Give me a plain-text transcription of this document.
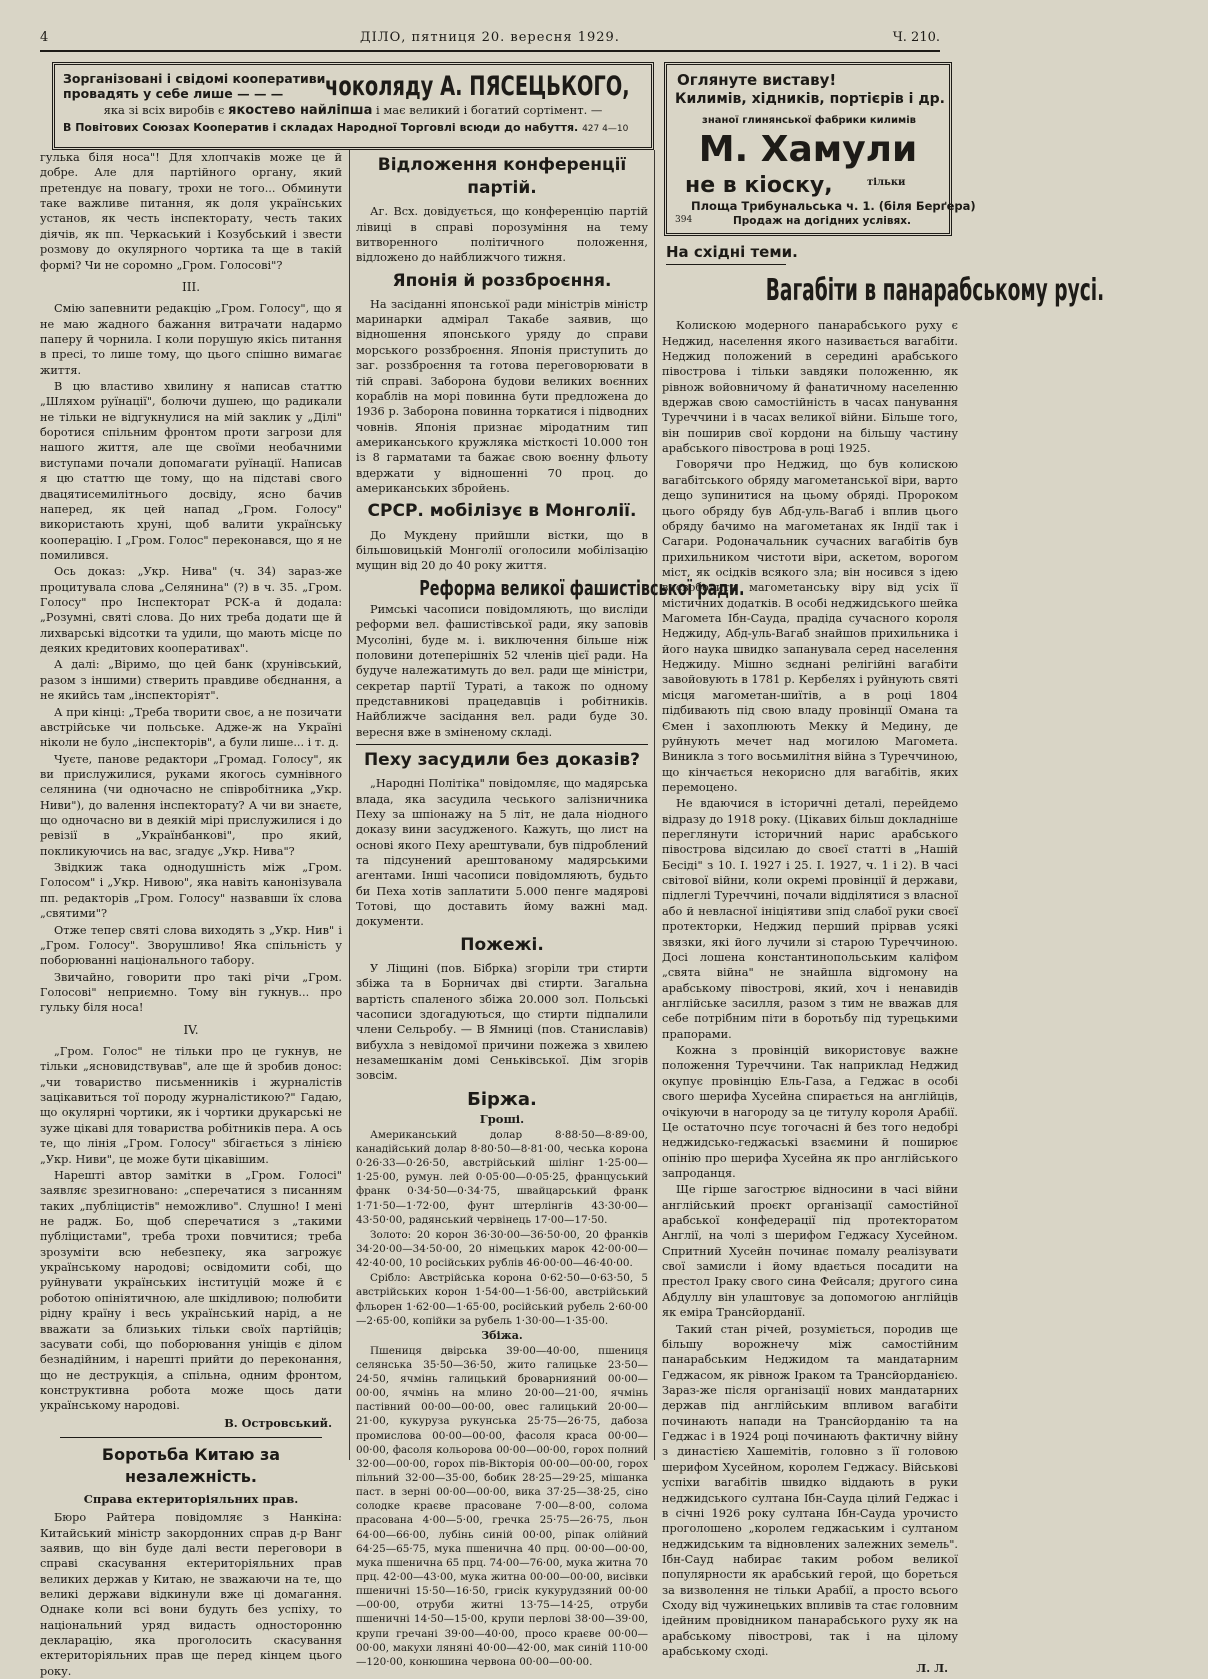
4	ДІЛО, пятниця 20. вересня 1929.	Ч. 210.
Зорганізовані і свідомі кооперативи
провадять у себе лише — — —	чоколяду А. ПЯСЕЦЬКОГО,
яка зі всіх виробів є якостево найліпша і має великий і богатий сортімент. —
В Повітових Союзах Кооператив і складах Народної Торговлі всюди до набуття. 427 4—10
Оглянуте виставу!
Килимів, хідників, портієрів і др.
знаної глинянської фабрики килимів
М. Хамули
не в кіоску,	тільки
Площа Трибунальська ч. 1. (біля Берґера)
394	Продаж на догідних услівях.

гулька біля носа"! Для хлопчаків може це й добре. Але для партійного органу, який претендує на повагу, трохи не того... Обминути таке важливе питання, як доля українських установ, як честь інспекторату, честь таких діячів, як пп. Черкаський і Козубський і звести розмову до окулярного чортика та ще в такій формі? Чи не соромно „Гром. Голосові"?

III.

Смію запевнити редакцію „Гром. Голосу", що я не маю жадного бажання витрачати надармо паперу й чорнила. І коли порушую якісь питання в пресі, то лише тому, що цього спішно вимагає життя.

В цю властиво хвилину я написав статтю „Шляхом руїнації", болючи душею, що радикали не тільки не відгукнулися на мій заклик у „Ділі" боротися спільним фронтом проти загрози для нашого життя, але ще своїми необачними виступами почали допомагати руїнації. Написав я цю статтю ще тому, що на підставі свого двацятисемилітнього досвіду, ясно бачив наперед, як цей напад „Гром. Голосу" використають хруні, щоб валити українську кооперацію. І „Гром. Голос" переконався, що я не помилився.

Ось доказ: „Укр. Нива" (ч. 34) зараз-же процитувала слова „Селянина" (?) в ч. 35. „Гром. Голосу" про Інспекторат РСК-а й додала: „Розумні, святі слова. До них треба додати ще й лихварські відсотки та удили, що мають місце по деяких кредитових кооперативах".

А далі: „Віримо, що цей банк (хрунівський, разом з іншими) стверить правдиве обєднання, а не якийсь там „інспекторіят".

А при кінці: „Треба творити своє, а не позичати австрійське чи польське. Адже-ж на Україні ніколи не було „інспекторів", а були лише... і т. д.

Чуєте, панове редактори „Громад. Голосу", як ви прислужилися, руками якогось сумнівного селянина (чи одночасно не співробітника „Укр. Ниви"), до валення інспекторату? А чи ви знаєте, що одночасно ви в деякій мірі прислужилися і до ревізії в „Українбанкові", про який, покликуючись на вас, згадує „Укр. Нива"?

Звідкиж така однодушність між „Гром. Голосом" і „Укр. Нивою", яка навіть канонізувала пп. редакторів „Гром. Голосу" назвавши їх слова „святими"?

Отже тепер святі слова виходять з „Укр. Нив" і „Гром. Голосу". Зворушливо! Яка спільність у поборюванні національного табору.

Звичайно, говорити про такі річи „Гром. Голосові" неприємно. Тому він гукнув... про гульку біля носа!

IV.

„Гром. Голос" не тільки про це гукнув, не тільки „ясновидствував", але ще й зробив донос: „чи товариство письменників і журналістів зацікавиться тої породу журналістикою?" Гадаю, що окулярні чортики, як і чортики друкарські не зуже цікаві для товариства робітників пера. А ось те, що лінія „Гром. Голосу" збігається з лінією „Укр. Ниви", це може бути цікавішим.

Нарешті автор замітки в „Гром. Голосі" заявляє зрезигновано: „сперечатися з писанням таких „публіцистів" неможливо". Слушно! І мені не радж. Бо, щоб сперечатися з „такими публіцистами", треба трохи повчитися; треба зрозуміти всю небезпеку, яка загрожує українському народові; освідомити собі, що руйнувати українських інституцій може й є роботою опініятичною, але шкідливою; полюбити рідну країну і весь український нарід, а не вважати за близьких тільки своїх партійців; засувати собі, що поборювання уніщів є ділом безнадійним, і нарешті прийти до переконання, що не деструкція, а спільна, одним фронтом, конструктивна робота може щось дати українському народові.

В. Островський.
Боротьба Китаю за незалежність.
Справа ектериторіяльних прав.

Бюро Райтера повідомляє з Нанкіна: Китайський міністр закордонних справ д-р Ванг заявив, що він буде далі вести переговори в справі скасування ектериторіяльних прав великих держав у Китаю, не зважаючи на те, що великі держави відкинули вже ці домагання. Однаке коли всі вони будуть без успіху, то національний уряд видасть односторонню декларацію, яка проголосить скасування ектериторіяльних прав ще перед кінцем цього року.

Відложення конференції партій.

Аг. Всх. довідується, що конференцію партій лівиці в справі порозуміння на тему витворенного політичного положення, відложено до найближчого тижня.

Японія й роззброєння.

На засіданні японської ради міністрів міністр маринарки адмірал Такабе заявив, що відношення японського уряду до справи морського роззброєння. Японія приступить до заг. роззброєння та готова переговорювати в тій справі. Заборона будови великих воєнних кораблів на морі повинна бути предложена до 1936 р. Заборона повинна торкатися і підводних човнів. Японія признає міродатним тип американського кружляка місткості 10.000 тон із 8 гарматами та бажає свою воєнну фльоту вдержати у відношенні 70 проц. до американських збройень.

СРСР. мобілізує в Монголії.

До Мукдену прийшли вістки, що в більшовицькій Монголії оголосили мобілізацію мущин від 20 до 40 року життя.

Реформа великої фашистівської ради.

Римські часописи повідомляють, що висліди реформи вел. фашистівської ради, яку заповів Мусоліні, буде м. і. виключення більше ніж половини дотеперішніх 52 членів цієї ради. На будуче належатимуть до вел. ради ще міністри, секретар партії Тураті, а також по одному представникові працедавців і робітників. Найближче засідання вел. ради буде 30. вересня вже в зміненому складі.

Пеху засудили без доказів?

„Народні Політіка" повідомляє, що мадярська влада, яка засудила чеського залізничника Пеху за шпіонажу на 5 літ, не дала ніодного доказу вини засудженого. Кажуть, що лист на основі якого Пеху арештували, був підроблений та підсунений арештованому мадярськими агентами. Інші часописи повідомляють, будьто би Пеха хотів заплатити 5.000 пенге мадярові Тотові, що доставить йому важні мад. документи.

Пожежі.

У Ліщині (пов. Бібрка) згоріли три стирти збіжа та в Борничах дві стирти. Загальна вартість спаленого збіжа 20.000 зол. Польські часописи здогадуються, що стирти підпалили члени Сельробу. — В Ямниці (пов. Станиславів) вибухла з невідомої причини пожежа з хвилею незамешканім домі Сеньківської. Дім згорів зовсім.

Біржа.
Гроші.

Американський долар 8·88·50—8·89·00, канадійський долар 8·80·50—8·81·00, чеська корона 0·26·33—0·26·50, австрійський шілінг 1·25·00—1·25·00, румун. лей 0·05·00—0·05·25, француський франк 0·34·50—0·34·75, швайцарський франк 1·71·50—1·72·00, фунт штерлінгів 43·30·00—43·50·00, радянський червінець 17·00—17·50.

Золото: 20 корон 36·30·00—36·50·00, 20 франків 34·20·00—34·50·00, 20 німецьких марок 42·00·00—42·40·00, 10 російських рублів 46·00·00—46·40·00.

Срібло: Австрійська корона 0·62·50—0·63·50, 5 австрійських корон 1·54·00—1·56·00, австрійський фльорен 1·62·00—1·65·00, російський рубель 2·60·00—2·65·00, копійки за рубель 1·30·00—1·35·00.

Збіжа.

Пшениця двірська 39·00—40·00, пшениця селянська 35·50—36·50, жито галицьке 23·50—24·50, ячмінь галицький броварнияний 00·00—00·00, ячмінь на млино 20·00—21·00, ячмінь пастівний 00·00—00·00, овес галицький 20·00—21·00, кукуруза рукунська 25·75—26·75, дабоза промислова 00·00—00·00, фасоля краса 00·00—00·00, фасоля кольорова 00·00—00·00, горох полний 32·00—00·00, горох пів-Вікторія 00·00—00·00, горох пільний 32·00—35·00, бобик 28·25—29·25, мішанка паст. в зерні 00·00—00·00, вика 37·25—38·25, сіно солодке краєве прасоване 7·00—8·00, солома прасована 4·00—5·00, гречка 25·75—26·75, льон 64·00—66·00, лубінь синій 00·00, ріпак олійний 64·25—65·75, мука пшенична 40 прц. 00·00—00·00, мука пшенична 65 прц. 74·00—76·00, мука житна 70 прц. 42·00—43·00, мука житна 00·00—00·00, висівки пшеничні 15·50—16·50, грисік кукурудзяний 00·00—00·00, отруби житні 13·75—14·25, отруби пшеничні 14·50—15·00, крупи перлові 38·00—39·00, крупи гречані 39·00—40·00, просо краєве 00·00—00·00, макухи ляняні 40·00—42·00, мак синій 110·00—120·00, конюшина червона 00·00—00·00.

На східні теми.
Вагабіти в панарабському русі.

Колискою модерного панарабського руху є Неджид, населення якого називається вагабіти. Неджид положений в середині арабського півострова і тільки завдяки положенню, як рівнож войовничому й фанатичному населенню вдержав свою самостійність в часах панування Туреччини і в часах великої війни. Більше того, він поширив свої кордони на більшу частину арабського півострова в році 1925.

Говорячи про Неджид, що був колискою вагабітського обряду магометанської віри, варто дещо зупинитися на цьому обряді. Пророком цього обряду був Абд-уль-Вагаб і вплив цього обряду бачимо на магометанах як Індії так і Сагари. Родоначальник сучасних вагабітів був прихильником чистоти віри, аскетом, ворогом міст, як осідків всякого зла; він носився з ідею висвободити магометанську віру від усіх її містичних додатків. В особі неджидського шейка Магомета Ібн-Сауда, прадіда сучасного короля Неджиду, Абд-уль-Вагаб знайшов прихильника і його наука швидко запанувала серед населення Неджиду. Мішно зєднані релігійні вагабіти завойовують в 1781 р. Кербелях і руйнують святі місця магометан-шиїтів, а в році 1804 підбивають під свою владу провінції Омана та Ємен і захоплюють Мекку й Медину, де руйнують мечет над могилою Магомета. Виникла з того восьмилітня війна з Туреччиною, що кінчається некорисно для вагабітів, яких перемоцено.

Не вдаючися в історичні деталі, перейдемо відразу до 1918 року. (Цікавих більш докладніше переглянути історичний нарис арабського півострова відсилаю до своєї статті в „Нашій Бесіді" з 10. І. 1927 і 25. І. 1927, ч. 1 і 2). В часі світової війни, коли окремі провінції й держави, підлеглі Туреччині, почали відділятися з власної або й невласної ініціятиви зпід слабої руки своєї протекторки, Неджид перший прірвав усякі звязки, які його лучили зі старою Туреччиною. Досі лошена константинопольським каліфом „свята війна" не знайшла відгомону на арабському півострові, який, хоч і ненавидів англійське засилля, разом з тим не вважав для себе потрібним піти в боротьбу під турецькими прапорами.

Кожна з провінцій використовує важне положення Туреччини. Так наприклад Неджид окупує провінцію Ель-Газа, а Геджас в особі свого шерифа Хусейна спирається на англійців, очікуючи в нагороду за це титулу короля Арабії. Це остаточно псує тогочасні й без того недобрі неджидсько-геджаські взаємини й поширює опінію про шерифа Хусейна як про англійського запроданця.

Ще гірше загострює відносини в часі війни англійський проєкт організації самостійної арабської конфедерації під протекторатом Англії, на чолі з шерифом Геджасу Хусейном. Спритний Хусейн починає помалу реалізувати свої замисли і йому вдається посадити на престол Іраку свого сина Фейсаля; другого сина Абдуллу він улаштовує за допомогою англійців як еміра Трансйорданії.

Такий стан річей, розуміється, породив ще більшу ворожнечу між самостійним панарабським Неджидом та мандатарним Геджасом, як рівнож Іраком та Трансйорданією. Зараз-же після організації нових мандатарних держав під англійським впливом вагабіти починають напади на Трансйорданію та на Геджас і в 1924 році починають фактичну війну з династією Хашемітів, головно з її головою шерифом Хусейном, королем Геджасу. Військові успіхи вагабітів швидко віддають в руки неджидського султана Ібн-Сауда цілий Геджас і в січні 1926 року султана Ібн-Сауда урочисто проголошено „королем геджаським і султаном неджидським та відновлених залежних земель". Ібн-Сауд набирає таким робом великої популярности як арабський герой, що бореться за визволення не тільки Арабії, а просто всього Сходу від чужинецьких впливів та стає головним ідейним провідником панарабського руху як на арабському півострові, так і на цілому арабському сході.

Л. Л.
